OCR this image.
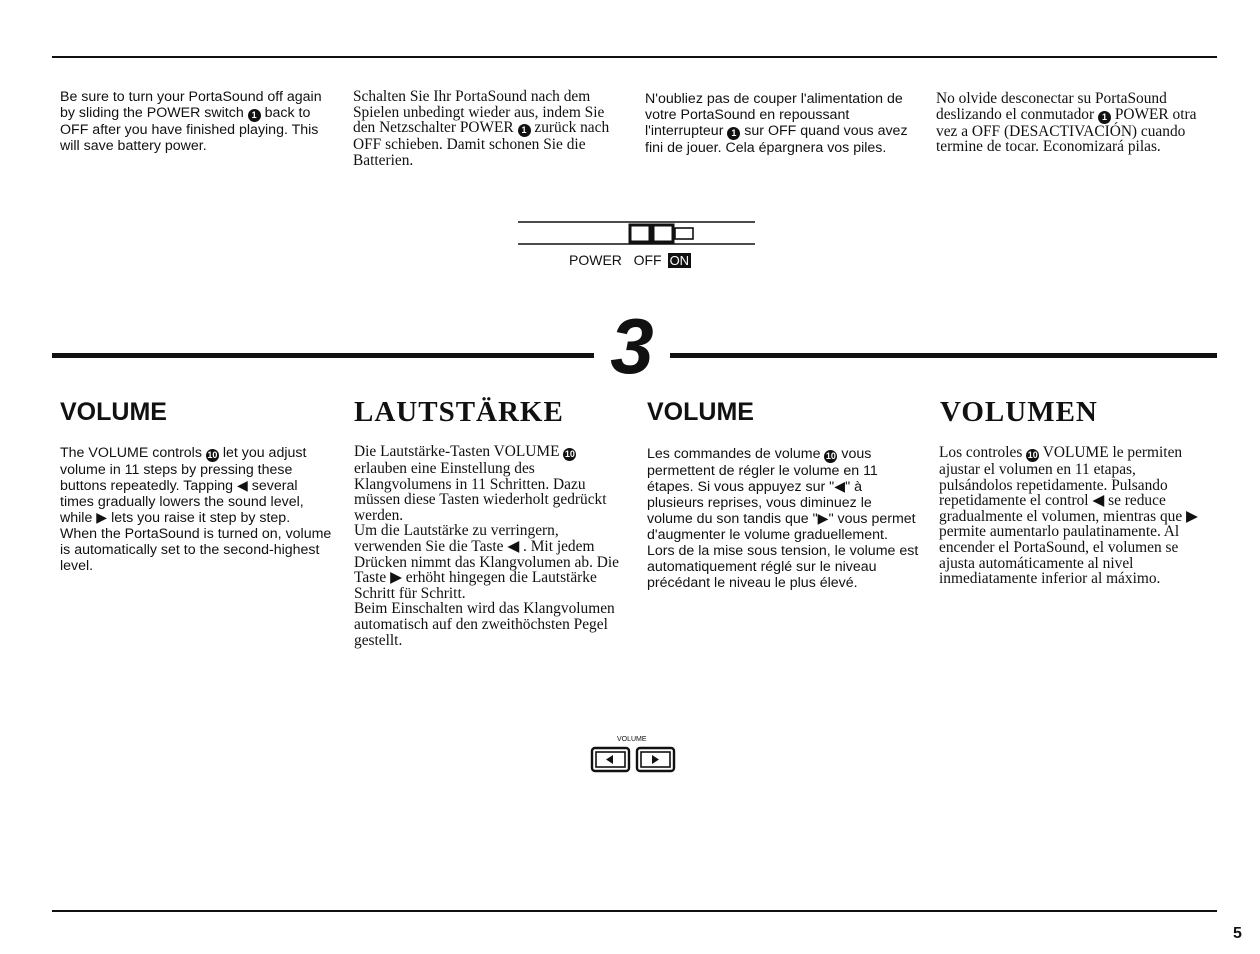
Be sure to turn your PortaSound off again by sliding the POWER switch 1 back to OFF after you have finished playing. This will save battery power.
Schalten Sie Ihr PortaSound nach dem Spielen unbedingt wieder aus, indem Sie den Netzschalter POWER 1 zurück nach OFF schieben. Damit schonen Sie die Batterien.
N'oubliez pas de couper l'alimentation de votre PortaSound en repoussant l'interrupteur 1 sur OFF quand vous avez fini de jouer. Cela épargnera vos piles.
No olvide desconectar su PortaSound deslizando el conmutador 1 POWER otra vez a OFF (DESACTIVACIÓN) cuando termine de tocar. Economizará pilas.
POWER OFF ON
3
VOLUME	LAUTSTÄRKE	VOLUME	VOLUMEN
The VOLUME controls 10 let you adjust volume in 11 steps by pressing these buttons repeatedly. Tapping ◀ several times gradually lowers the sound level, while ▶ lets you raise it step by step.
When the PortaSound is turned on, volume is automatically set to the second-highest level.
Die Lautstärke-Tasten VOLUME 10 erlauben eine Einstellung des Klangvolumens in 11 Schritten. Dazu müssen diese Tasten wiederholt gedrückt werden.
Um die Lautstärke zu verringern, verwenden Sie die Taste ◀ . Mit jedem Drücken nimmt das Klangvolumen ab. Die Taste ▶ erhöht hingegen die Lautstärke Schritt für Schritt.
Beim Einschalten wird das Klangvolumen automatisch auf den zweithöchsten Pegel gestellt.
Les commandes de volume 10 vous permettent de régler le volume en 11 étapes. Si vous appuyez sur "◀" à plusieurs reprises, vous diminuez le volume du son tandis que "▶" vous permet d'augmenter le volume graduellement.
Lors de la mise sous tension, le volume est automatiquement réglé sur le niveau précédant le niveau le plus élevé.
Los controles 10 VOLUME le permiten ajustar el volumen en 11 etapas, pulsándolos repetidamente. Pulsando repetidamente el control ◀ se reduce gradualmente el volumen, mientras que ▶ permite aumentarlo paulatinamente. Al encender el PortaSound, el volumen se ajusta automáticamente al nivel inmediatamente inferior al máximo.
VOLUME
5
